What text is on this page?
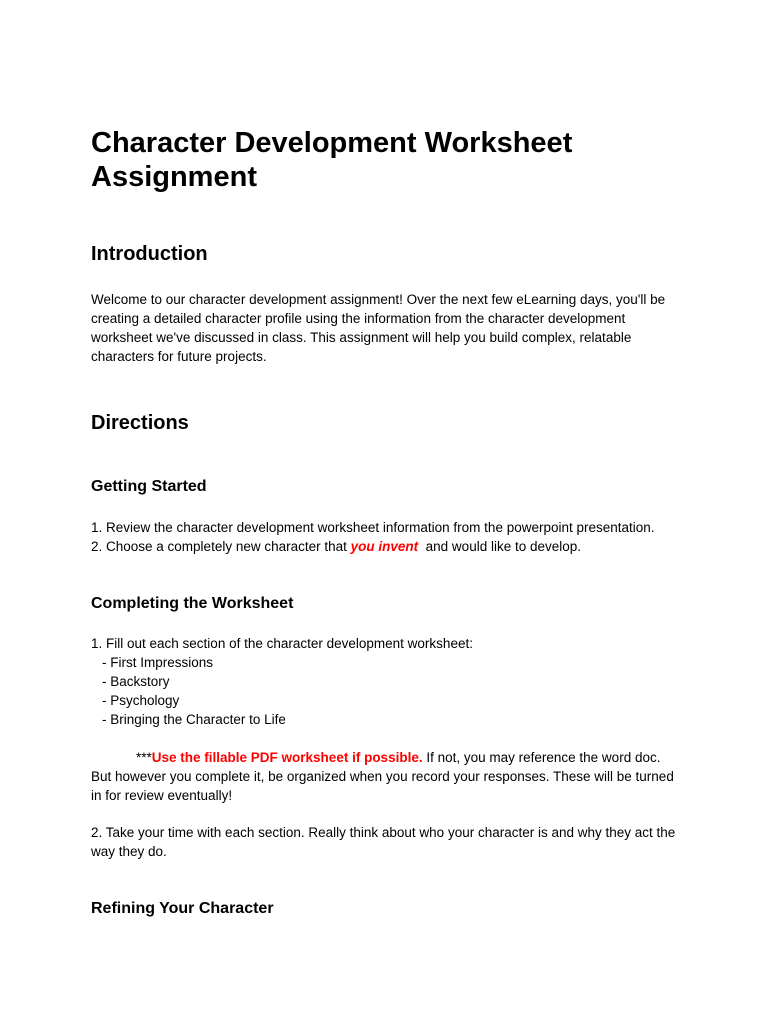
Character Development Worksheet Assignment
Introduction

Welcome to our character development assignment! Over the next few eLearning days, you'll be creating a detailed character profile using the information from the character development worksheet we've discussed in class. This assignment will help you build complex, relatable characters for future projects.

Directions
Getting Started
1. Review the character development worksheet information from the powerpoint presentation.
2. Choose a completely new character that you invent  and would like to develop.
Completing the Worksheet
1. Fill out each section of the character development worksheet:
- First Impressions
- Backstory
- Psychology
- Bringing the Character to Life

***Use the fillable PDF worksheet if possible. If not, you may reference the word doc. But however you complete it, be organized when you record your responses. These will be turned in for review eventually!

2. Take your time with each section. Really think about who your character is and why they act the way they do.

Refining Your Character
